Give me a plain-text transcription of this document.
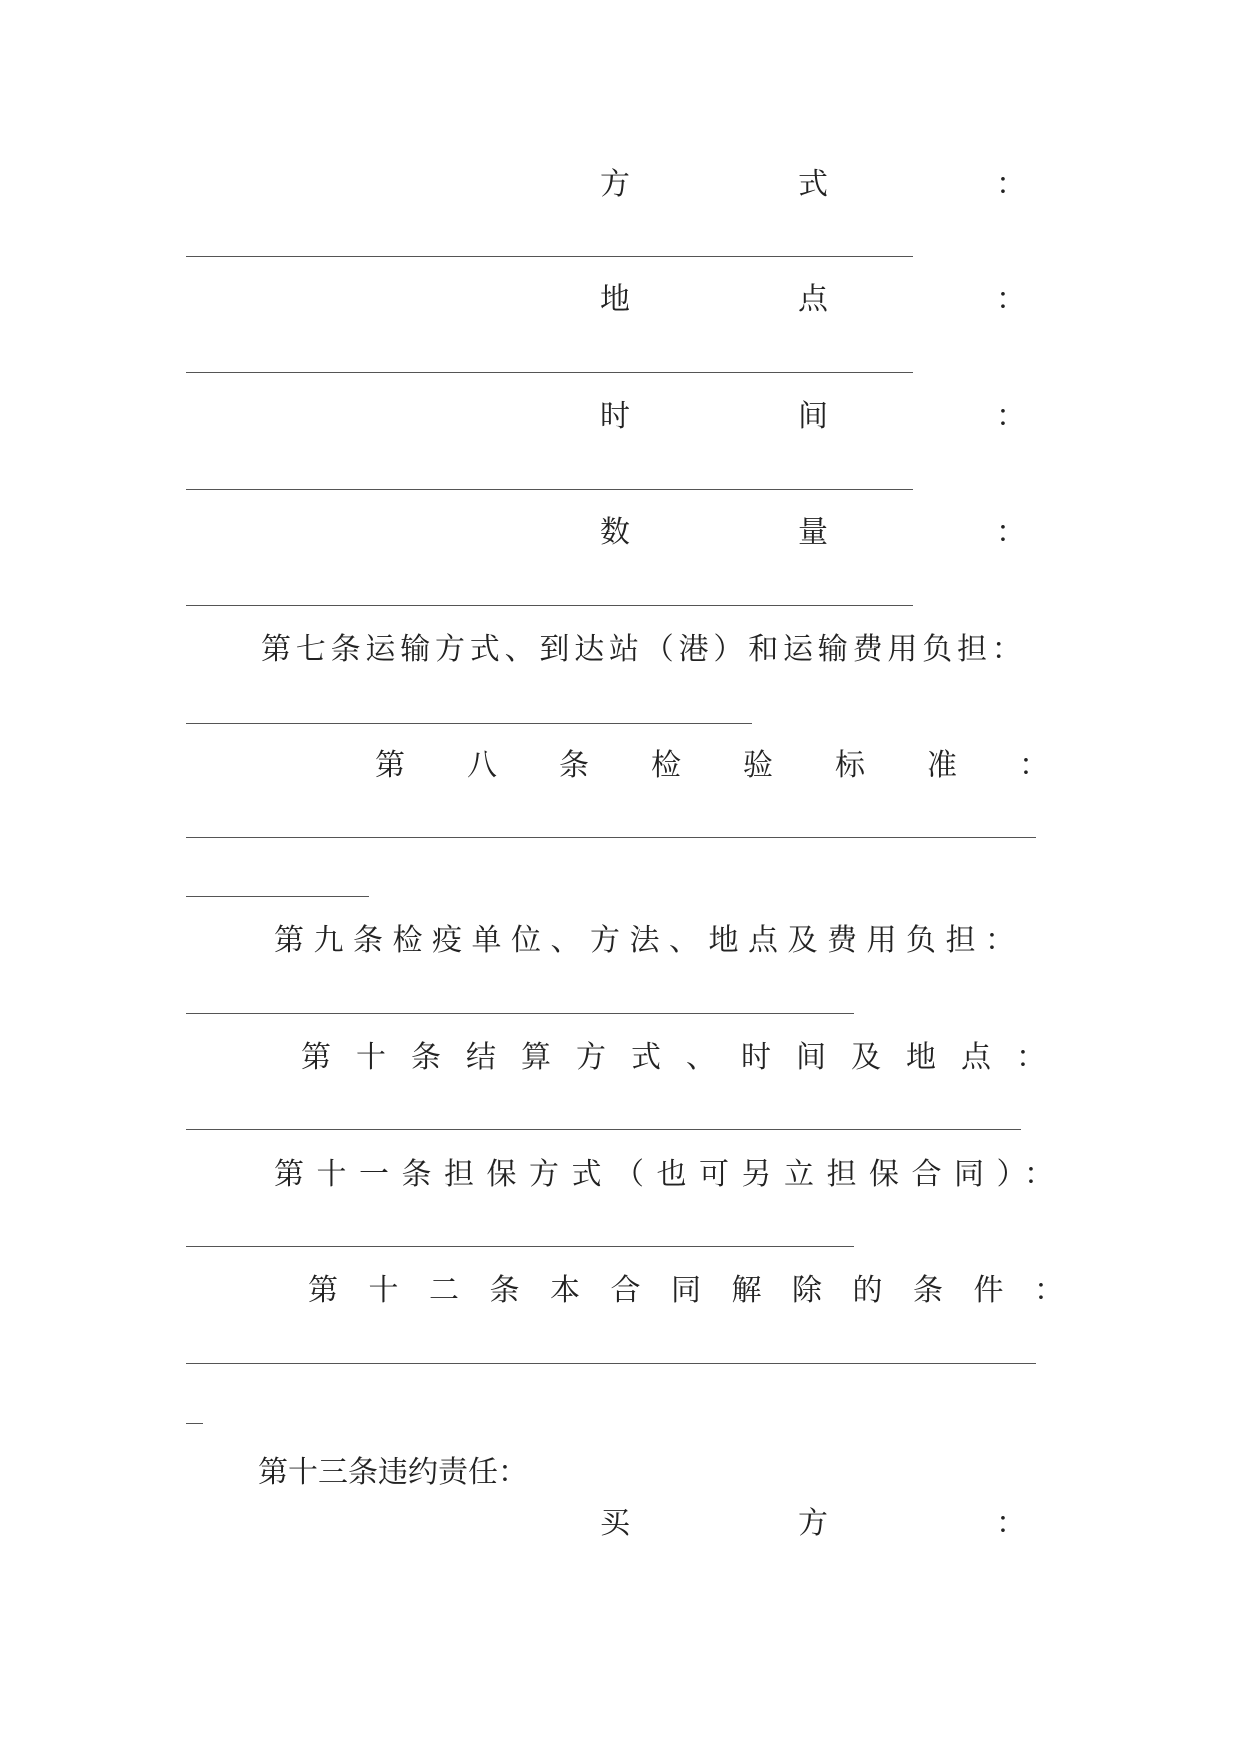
方	式	：
地	点	：
时	间	：
数	量	：
第七条运输方式、到达站（港）和运输费用负担：
第八条检验标准：
第九条检疫单位、方法、地点及费用负担：
第十条结算方式、时间及地点：
第十一条担保方式（也可另立担保合同）：
第十二条本合同解除的条件：
第十三条违约责任：
买	方	：
